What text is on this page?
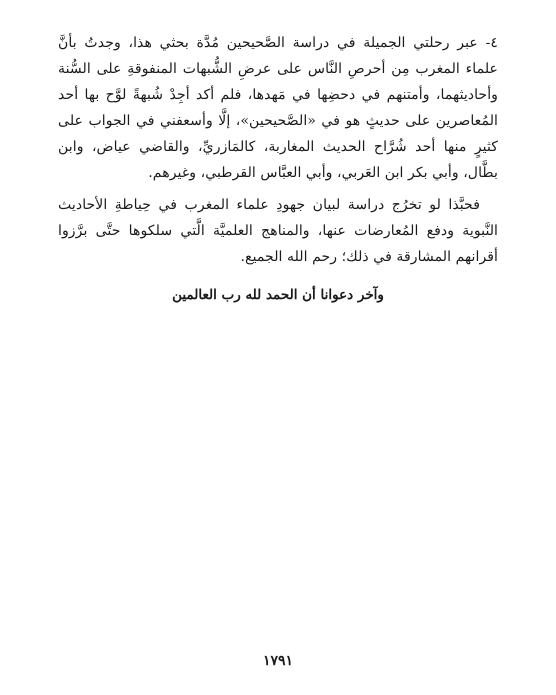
٤- عبر رحلتي الجميلة في دراسة الصَّحيحين مُدَّة بحثي هذا، وجدتُ بأنَّ علماء المغرب مِن أحرصِ النَّاس على عرضِ الشُّبهات المنفوقةِ على السُّنة وأحاديثهما، وأمتنهم في دحضِها في مَهدها، فلم أكد أجِدْ شُبهةً لوَّح بها أحد المُعاصرين على حديثٍ هو في «الصَّحيحين»، إلَّا وأسعفني في الجواب على كثيرٍ منها أحد شُرَّاح الحديث المغاربة، كالمَازريِّ، والقاضي عياض، وابن بطَّال، وأبي بكر ابن العَربي، وأبي العبَّاس القرطبي، وغيرهم.

فحبَّذا لو تخرُج دراسة لبيان جهودِ علماء المغرب في حِياطةِ الأحاديث النَّبوية ودفع المُعارضات عنها، والمناهج العلميَّة الَّتي سلكوها حتَّى برَّزوا أقرانهم المشارقة في ذلك؛ رحم الله الجميع.

وآخر دعوانا أن الحمد لله رب العالمين
١٧٩١
